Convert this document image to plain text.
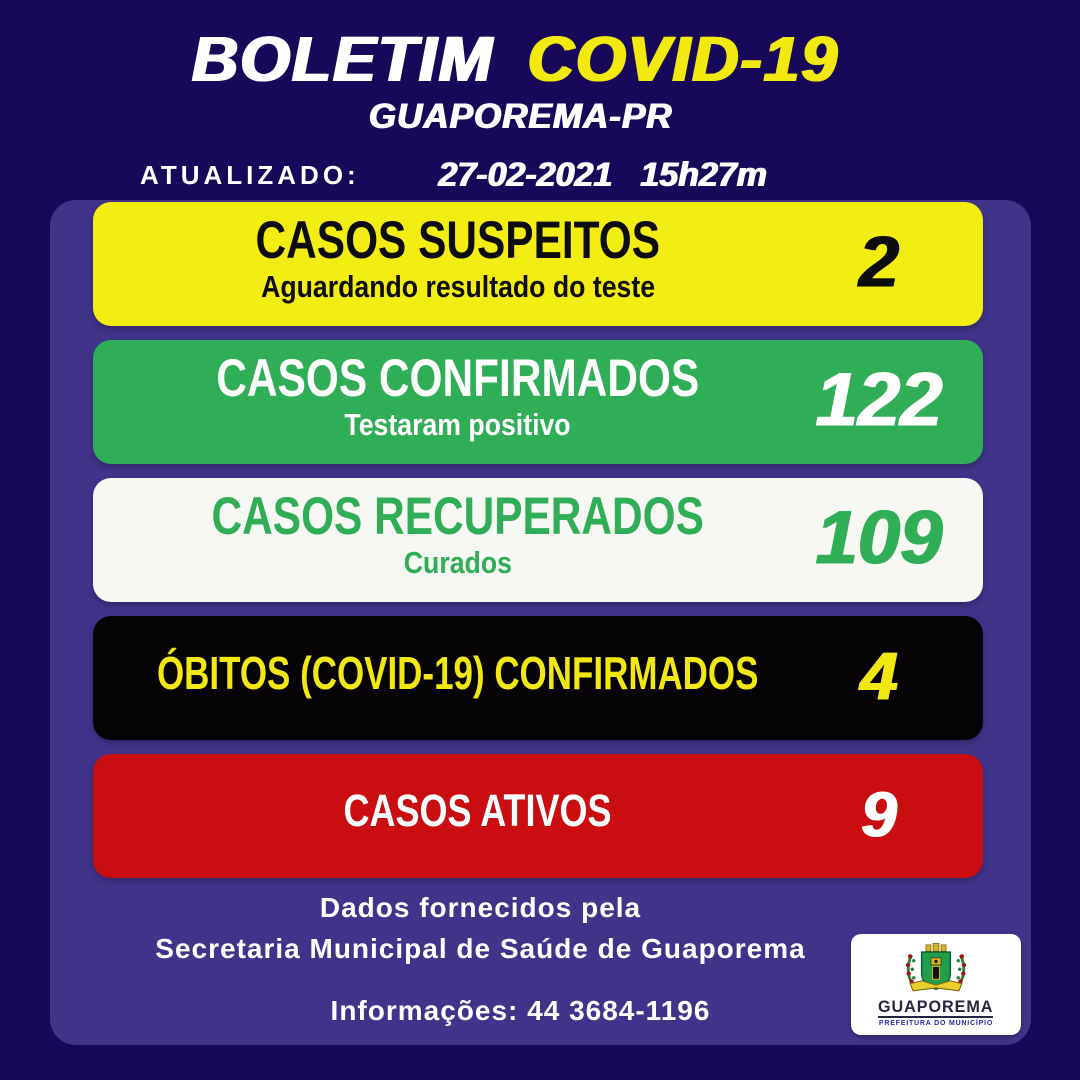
BOLETIM COVID-19
GUAPOREMA-PR
ATUALIZADO: 27-02-2021 15h27m
CASOS SUSPEITOS
Aguardando resultado do teste	2
CASOS CONFIRMADOS
Testaram positivo	122
CASOS RECUPERADOS
Curados	109
ÓBITOS (COVID-19) CONFIRMADOS	4
CASOS ATIVOS	9
Dados fornecidos pela
Secretaria Municipal de Saúde de Guaporema
Informações: 44 3684-1196	GUAPOREMA
PREFEITURA DO MUNICÍPIO
